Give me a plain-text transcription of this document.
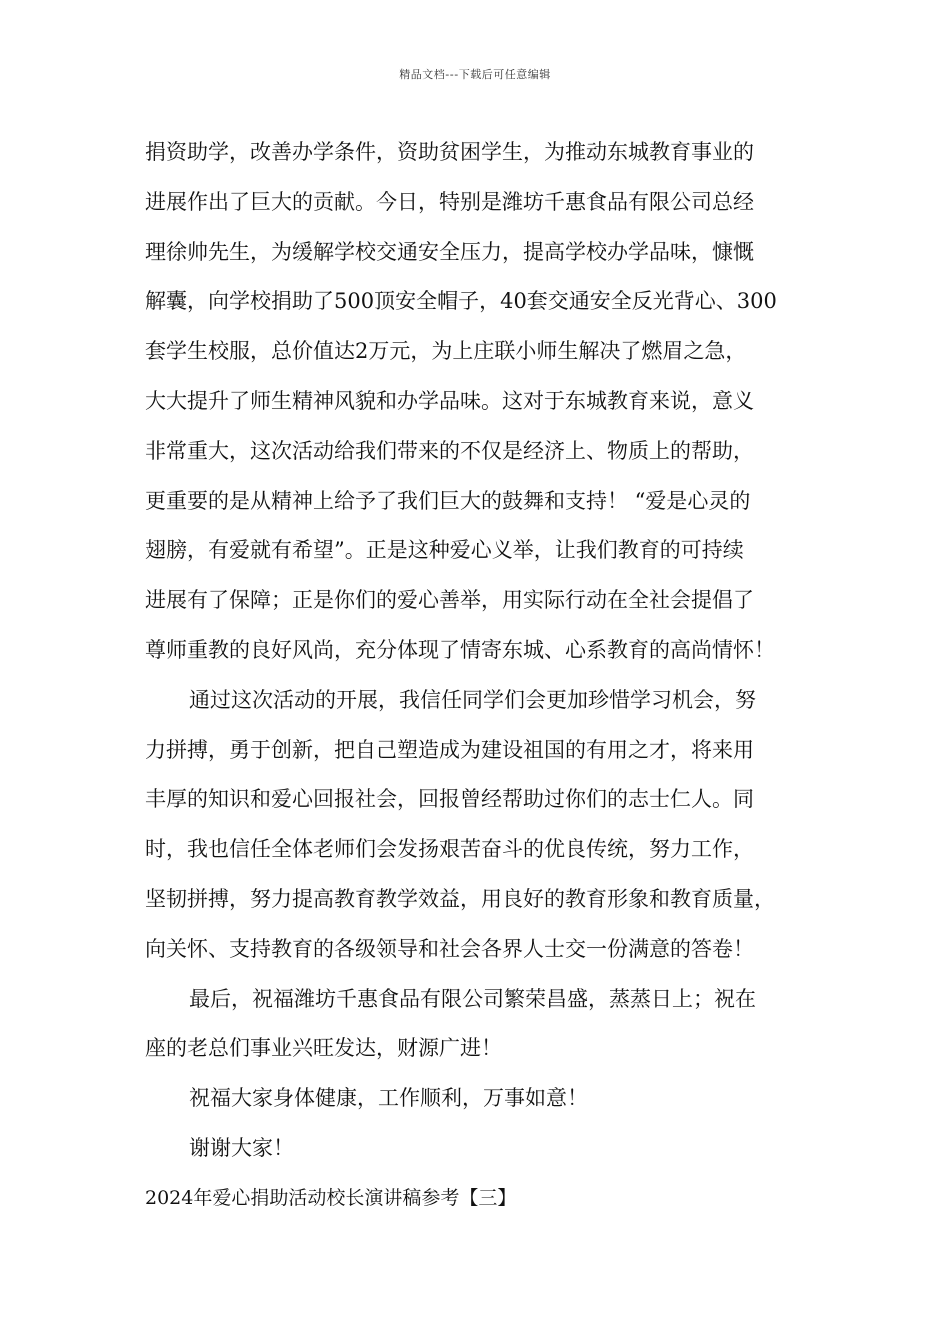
精品文档---下载后可任意编辑
捐资助学，改善办学条件，资助贫困学生，为推动东城教育事业的
进展作出了巨大的贡献。今日，特别是潍坊千惠食品有限公司总经
理徐帅先生，为缓解学校交通安全压力，提高学校办学品味，慷慨
解囊，向学校捐助了500顶安全帽子，40套交通安全反光背心、300
套学生校服，总价值达2万元，为上庄联小师生解决了燃眉之急，
大大提升了师生精神风貌和办学品味。这对于东城教育来说，意义
非常重大，这次活动给我们带来的不仅是经济上、物质上的帮助，
更重要的是从精神上给予了我们巨大的鼓舞和支持！ “爱是心灵的
翅膀，有爱就有希望”。正是这种爱心义举，让我们教育的可持续
进展有了保障；正是你们的爱心善举，用实际行动在全社会提倡了
尊师重教的良好风尚，充分体现了情寄东城、心系教育的高尚情怀！
通过这次活动的开展，我信任同学们会更加珍惜学习机会，努
力拼搏，勇于创新，把自己塑造成为建设祖国的有用之才，将来用
丰厚的知识和爱心回报社会，回报曾经帮助过你们的志士仁人。同
时，我也信任全体老师们会发扬艰苦奋斗的优良传统，努力工作，
坚韧拼搏，努力提高教育教学效益，用良好的教育形象和教育质量，
向关怀、支持教育的各级领导和社会各界人士交一份满意的答卷！
最后，祝福潍坊千惠食品有限公司繁荣昌盛，蒸蒸日上；祝在
座的老总们事业兴旺发达，财源广进！
祝福大家身体健康，工作顺利，万事如意！
谢谢大家！
2024年爱心捐助活动校长演讲稿参考【三】
